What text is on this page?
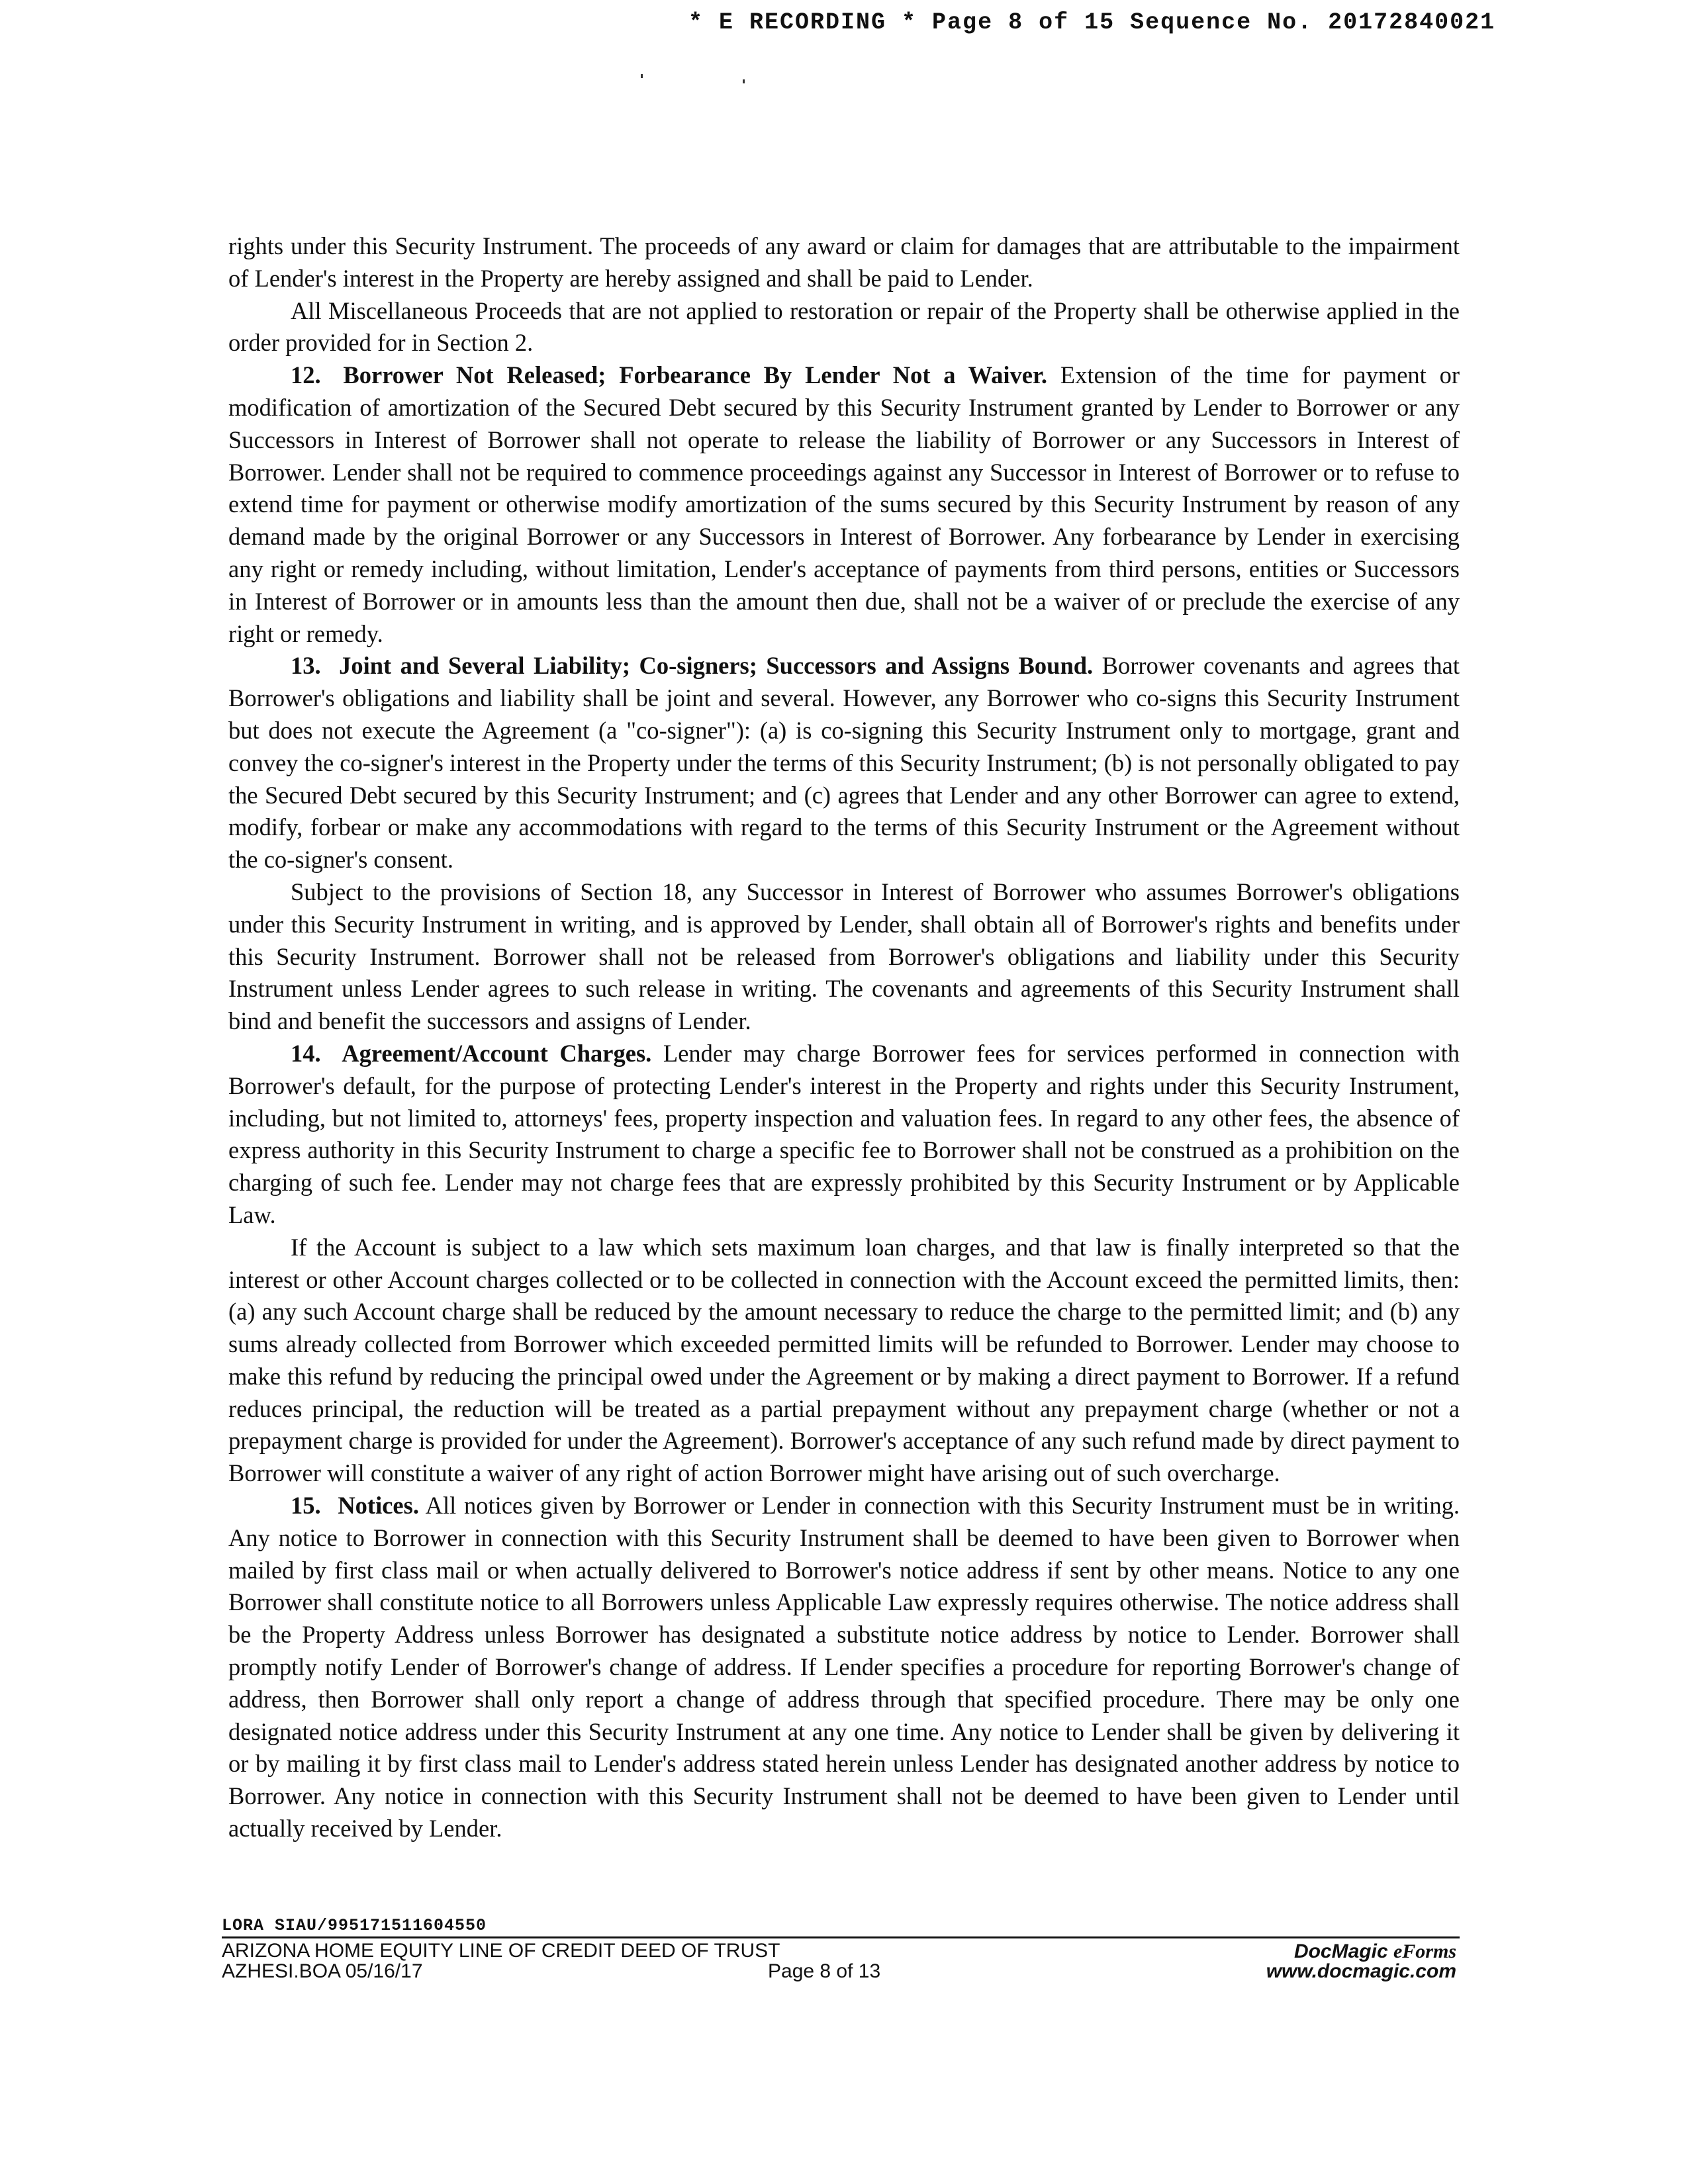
* E RECORDING * Page 8 of 15 Sequence No. 20172840021

rights under this Security Instrument. The proceeds of any award or claim for damages that are attributable to the impairment of Lender's interest in the Property are hereby assigned and shall be paid to Lender.

All Miscellaneous Proceeds that are not applied to restoration or repair of the Property shall be otherwise applied in the order provided for in Section 2.

12. Borrower Not Released; Forbearance By Lender Not a Waiver. Extension of the time for payment or modification of amortization of the Secured Debt secured by this Security Instrument granted by Lender to Borrower or any Successors in Interest of Borrower shall not operate to release the liability of Borrower or any Successors in Interest of Borrower. Lender shall not be required to commence proceedings against any Successor in Interest of Borrower or to refuse to extend time for payment or otherwise modify amortization of the sums secured by this Security Instrument by reason of any demand made by the original Borrower or any Successors in Interest of Borrower. Any forbearance by Lender in exercising any right or remedy including, without limitation, Lender's acceptance of payments from third persons, entities or Successors in Interest of Borrower or in amounts less than the amount then due, shall not be a waiver of or preclude the exercise of any right or remedy.

13. Joint and Several Liability; Co-signers; Successors and Assigns Bound. Borrower covenants and agrees that Borrower's obligations and liability shall be joint and several. However, any Borrower who co-signs this Security Instrument but does not execute the Agreement (a "co-signer"): (a) is co-signing this Security Instrument only to mortgage, grant and convey the co-signer's interest in the Property under the terms of this Security Instrument; (b) is not personally obligated to pay the Secured Debt secured by this Security Instrument; and (c) agrees that Lender and any other Borrower can agree to extend, modify, forbear or make any accommodations with regard to the terms of this Security Instrument or the Agreement without the co-signer's consent.

Subject to the provisions of Section 18, any Successor in Interest of Borrower who assumes Borrower's obligations under this Security Instrument in writing, and is approved by Lender, shall obtain all of Borrower's rights and benefits under this Security Instrument. Borrower shall not be released from Borrower's obligations and liability under this Security Instrument unless Lender agrees to such release in writing. The covenants and agreements of this Security Instrument shall bind and benefit the successors and assigns of Lender.

14. Agreement/Account Charges. Lender may charge Borrower fees for services performed in connection with Borrower's default, for the purpose of protecting Lender's interest in the Property and rights under this Security Instrument, including, but not limited to, attorneys' fees, property inspection and valuation fees. In regard to any other fees, the absence of express authority in this Security Instrument to charge a specific fee to Borrower shall not be construed as a prohibition on the charging of such fee. Lender may not charge fees that are expressly prohibited by this Security Instrument or by Applicable Law.

If the Account is subject to a law which sets maximum loan charges, and that law is finally interpreted so that the interest or other Account charges collected or to be collected in connection with the Account exceed the permitted limits, then: (a) any such Account charge shall be reduced by the amount necessary to reduce the charge to the permitted limit; and (b) any sums already collected from Borrower which exceeded permitted limits will be refunded to Borrower. Lender may choose to make this refund by reducing the principal owed under the Agreement or by making a direct payment to Borrower. If a refund reduces principal, the reduction will be treated as a partial prepayment without any prepayment charge (whether or not a prepayment charge is provided for under the Agreement). Borrower's acceptance of any such refund made by direct payment to Borrower will constitute a waiver of any right of action Borrower might have arising out of such overcharge.

15. Notices. All notices given by Borrower or Lender in connection with this Security Instrument must be in writing. Any notice to Borrower in connection with this Security Instrument shall be deemed to have been given to Borrower when mailed by first class mail or when actually delivered to Borrower's notice address if sent by other means. Notice to any one Borrower shall constitute notice to all Borrowers unless Applicable Law expressly requires otherwise. The notice address shall be the Property Address unless Borrower has designated a substitute notice address by notice to Lender. Borrower shall promptly notify Lender of Borrower's change of address. If Lender specifies a procedure for reporting Borrower's change of address, then Borrower shall only report a change of address through that specified procedure. There may be only one designated notice address under this Security Instrument at any one time. Any notice to Lender shall be given by delivering it or by mailing it by first class mail to Lender's address stated herein unless Lender has designated another address by notice to Borrower. Any notice in connection with this Security Instrument shall not be deemed to have been given to Lender until actually received by Lender.

LORA SIAU/995171511604550
ARIZONA HOME EQUITY LINE OF CREDIT DEED OF TRUST
AZHESI.BOA 05/16/17	Page 8 of 13
DocMagic eForms
www.docmagic.com
